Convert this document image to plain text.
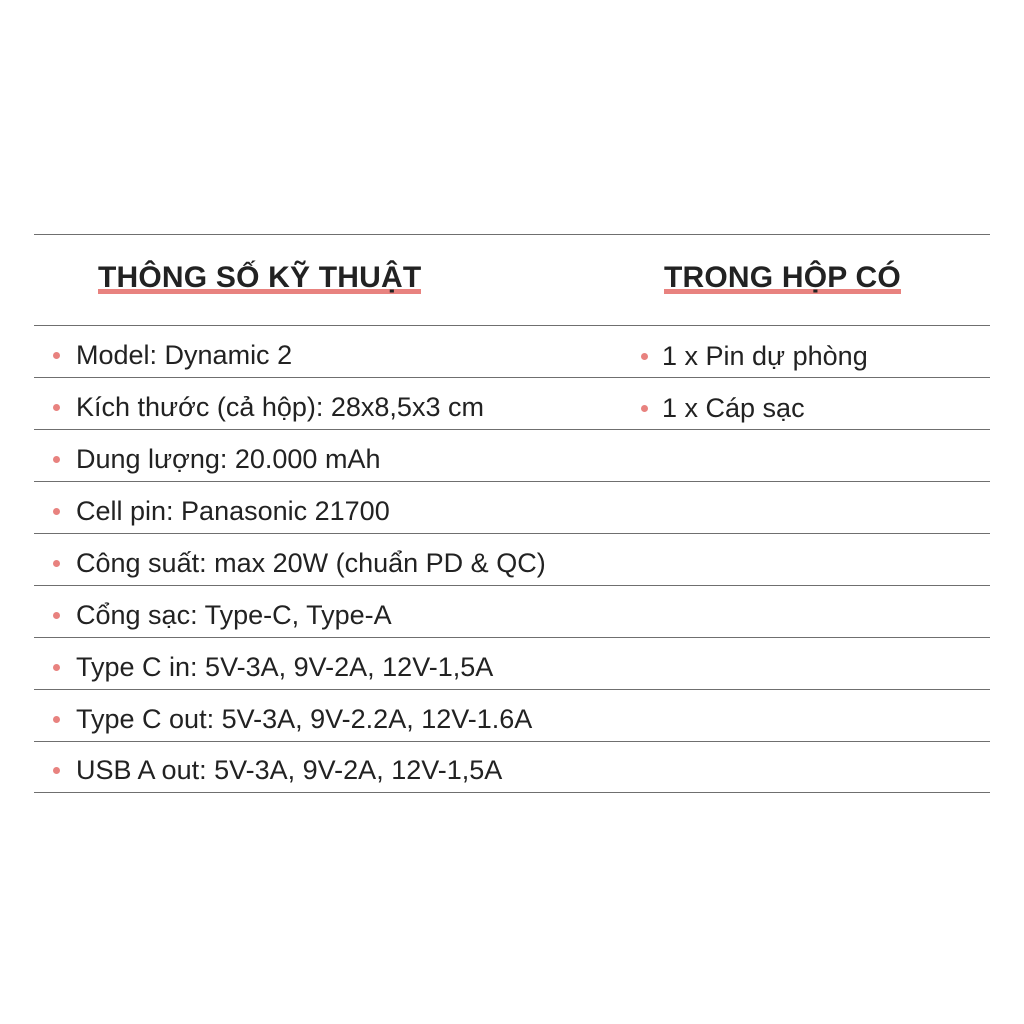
THÔNG SỐ KỸ THUẬT	TRONG HỘP CÓ
Model: Dynamic 2
Kích thước (cả hộp): 28x8,5x3 cm
Dung lượng: 20.000 mAh
Cell pin: Panasonic 21700
Công suất: max 20W (chuẩn PD & QC)
Cổng sạc: Type-C, Type-A
Type C in: 5V-3A, 9V-2A, 12V-1,5A
Type C out: 5V-3A, 9V-2.2A, 12V-1.6A
USB A out: 5V-3A, 9V-2A, 12V-1,5A
1 x Pin dự phòng
1 x Cáp sạc
